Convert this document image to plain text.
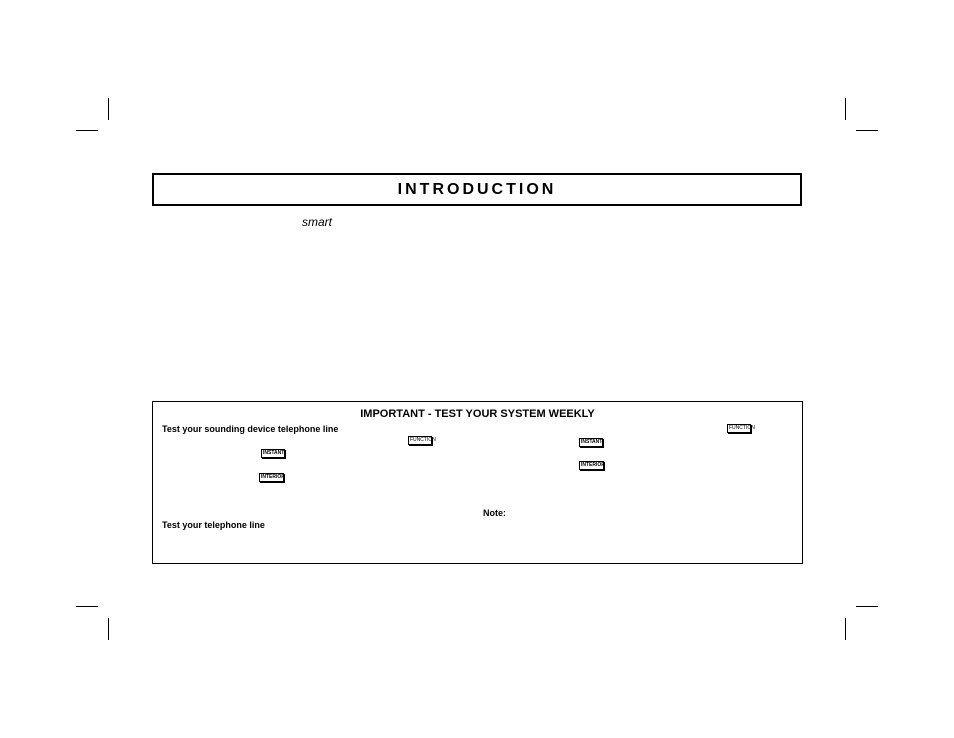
INTRODUCTION
smart
IMPORTANT - TEST YOUR SYSTEM WEEKLY
Test your sounding device telephone line	FUNCTION
FUNCTION	INSTANT
INSTANT
INTERIOR
INTERIOR
Note:
Test your telephone line
